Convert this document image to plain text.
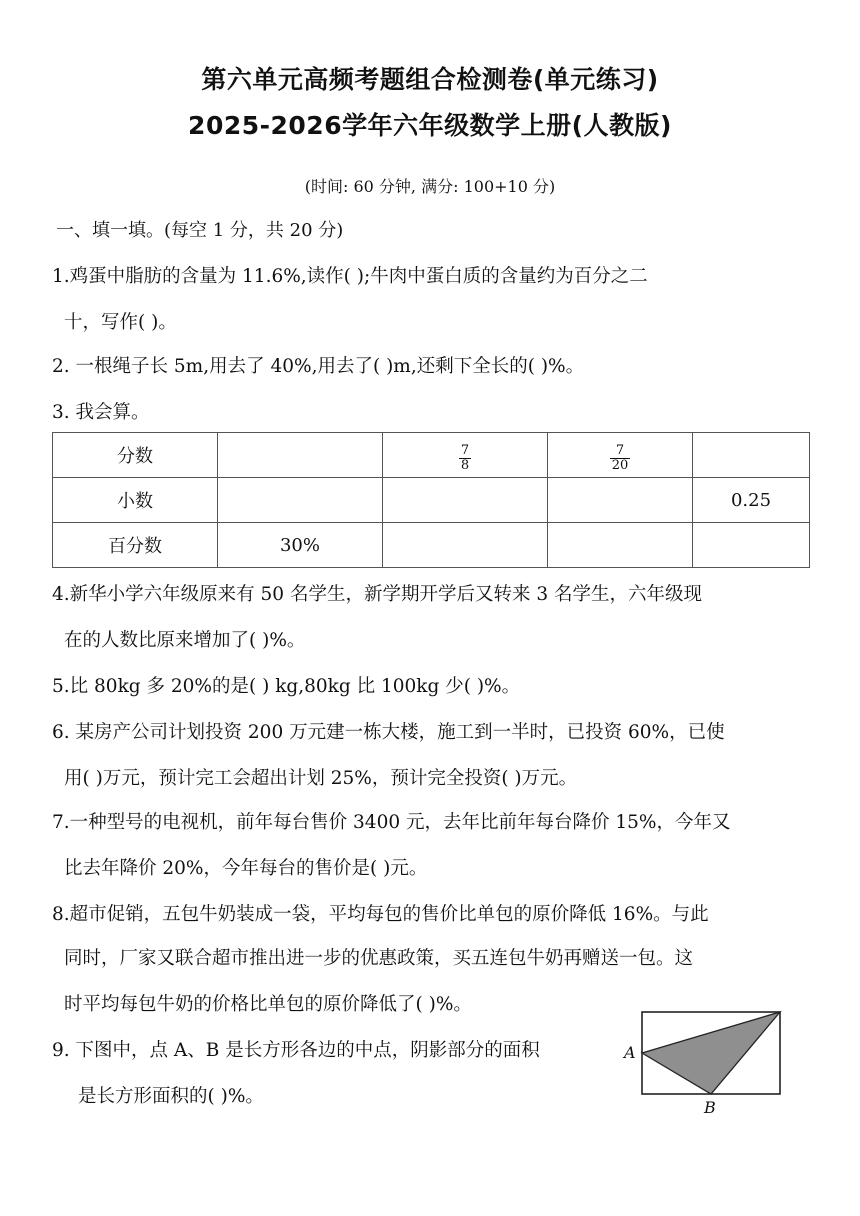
第六单元高频考题组合检测卷(单元练习)
2025-2026学年六年级数学上册(人教版)
(时间: 60 分钟, 满分: 100+10 分)
一、填一填。(每空 1 分，共 20 分)
1.鸡蛋中脂肪的含量为 11.6%,读作( );牛肉中蛋白质的含量约为百分之二
十，写作( )。
2. 一根绳子长 5m,用去了 40%,用去了( )m,还剩下全长的( )%。
3. 我会算。
分数		$\frac{7}{8}$	$\frac{7}{20}$

小数				0.25
百分数	30%			
4.新华小学六年级原来有 50 名学生，新学期开学后又转来 3 名学生，六年级现
在的人数比原来增加了( )%。
5.比 80kg 多 20%的是( ) kg,80kg 比 100kg 少( )%。
6. 某房产公司计划投资 200 万元建一栋大楼，施工到一半时，已投资 60%，已使
用( )万元，预计完工会超出计划 25%，预计完全投资( )万元。
7.一种型号的电视机，前年每台售价 3400 元，去年比前年每台降价 15%，今年又
比去年降价 20%，今年每台的售价是( )元。
8.超市促销，五包牛奶装成一袋，平均每包的售价比单包的原价降低 16%。与此
同时，厂家又联合超市推出进一步的优惠政策，买五连包牛奶再赠送一包。这
时平均每包牛奶的价格比单包的原价降低了( )%。
9. 下图中，点 A、B 是长方形各边的中点，阴影部分的面积
是长方形面积的( )%。
A
B
